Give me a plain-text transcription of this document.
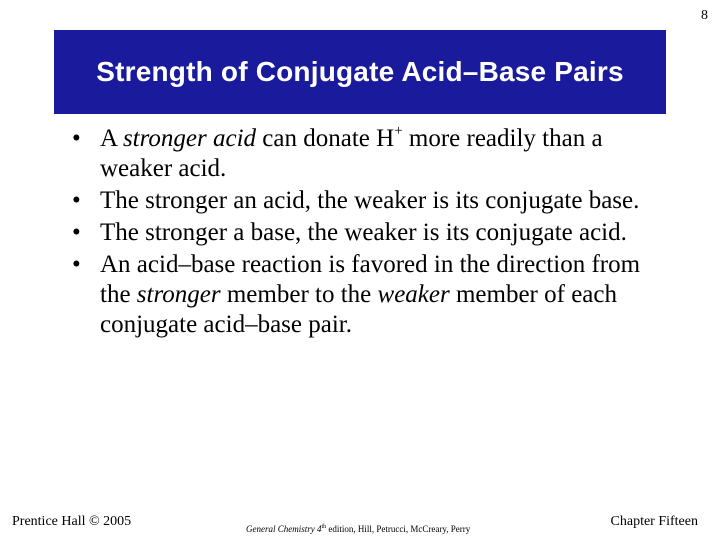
8
Strength of Conjugate Acid–Base Pairs
• A stronger acid can donate H+ more readily than a weaker acid.
• The stronger an acid, the weaker is its conjugate base.
• The stronger a base, the weaker is its conjugate acid.
• An acid–base reaction is favored in the direction from the stronger member to the weaker member of each conjugate acid–base pair.
Prentice Hall © 2005	General Chemistry 4th edition, Hill, Petrucci, McCreary, Perry	Chapter Fifteen
